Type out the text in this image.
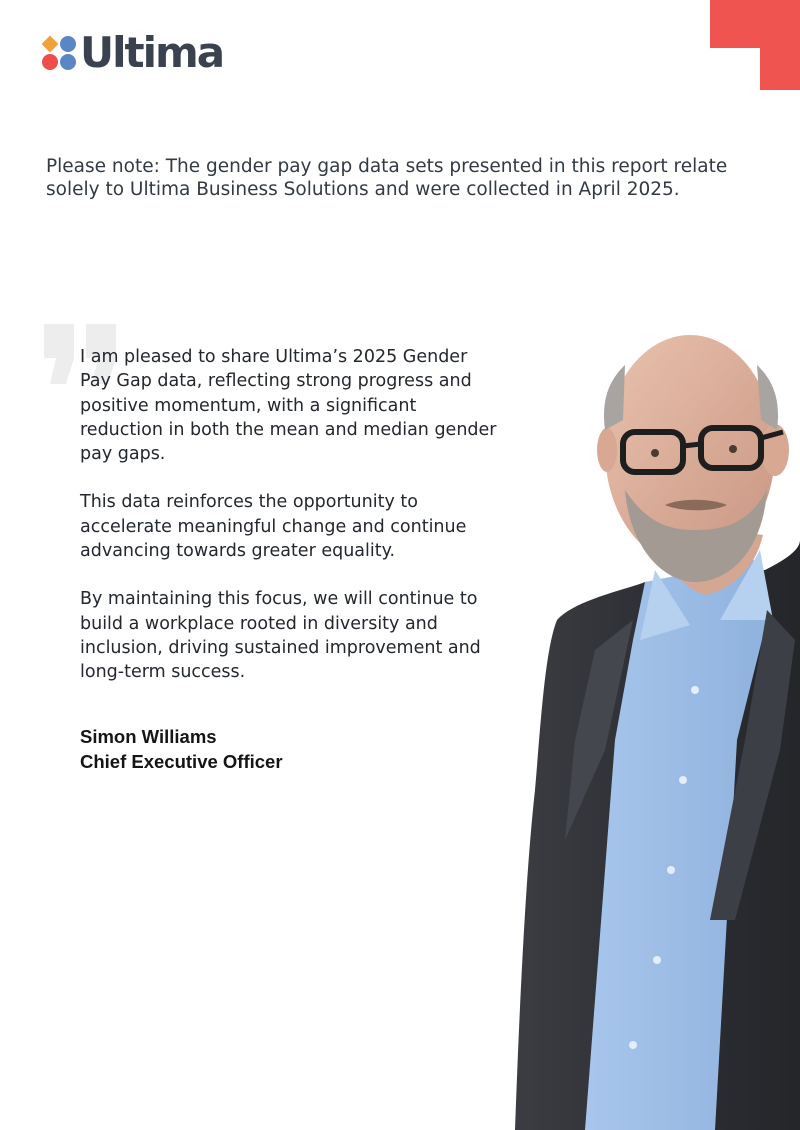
Ultima
Please note: The gender pay gap data sets presented in this report relate solely to Ultima Business Solutions and were collected in April 2025.

I am pleased to share Ultima’s 2025 Gender Pay Gap data, reflecting strong progress and positive momentum, with a significant reduction in both the mean and median gender pay gaps.

This data reinforces the opportunity to accelerate meaningful change and continue advancing towards greater equality.

By maintaining this focus, we will continue to build a workplace rooted in diversity and inclusion, driving sustained improvement and long-term success.

Simon Williams
Chief Executive Officer
